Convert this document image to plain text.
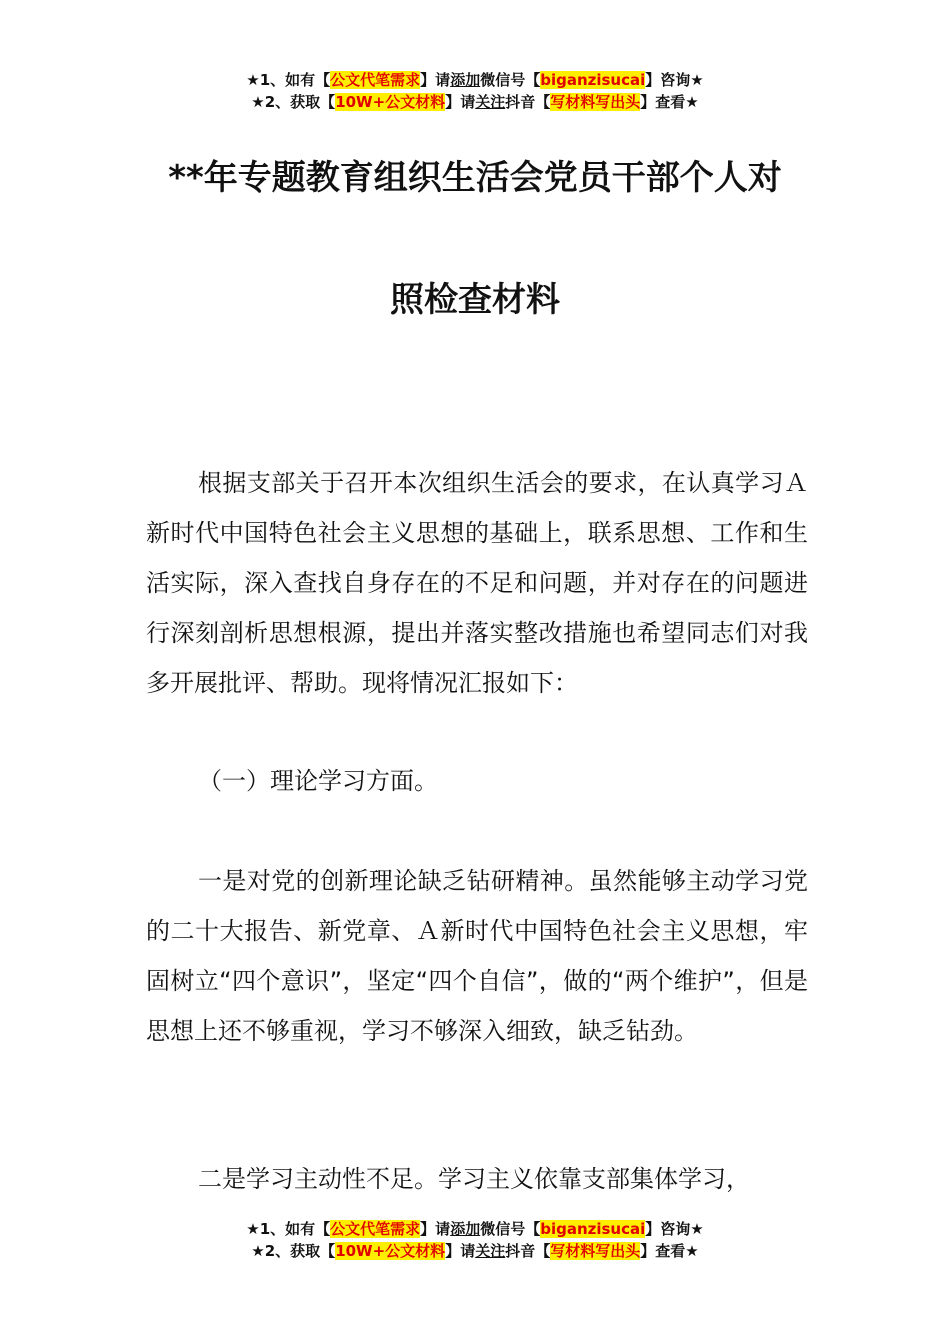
★1、如有【公文代笔需求】请添加微信号【biganzisucai】咨询★
★2、获取【10W+公文材料】请关注抖音【写材料写出头】查看★
**年专题教育组织生活会党员干部个人对
照检查材料

根据支部关于召开本次组织生活会的要求，在认真学习Ａ新时代中国特色社会主义思想的基础上，联系思想、工作和生活实际，深入查找自身存在的不足和问题，并对存在的问题进行深刻剖析思想根源，提出并落实整改措施也希望同志们对我多开展批评、帮助。现将情况汇报如下：

（一）理论学习方面。

一是对党的创新理论缺乏钻研精神。虽然能够主动学习党的二十大报告、新党章、Ａ新时代中国特色社会主义思想，牢固树立“四个意识”，坚定“四个自信”，做的“两个维护”，但是思想上还不够重视，学习不够深入细致，缺乏钻劲。

二是学习主动性不足。学习主义依靠支部集体学习，

★1、如有【公文代笔需求】请添加微信号【biganzisucai】咨询★
★2、获取【10W+公文材料】请关注抖音【写材料写出头】查看★
